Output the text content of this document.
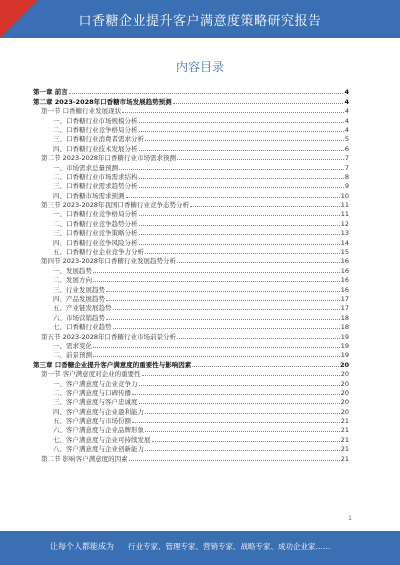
口香糖企业提升客户满意度策略研究报告
内容目录
第一章 前言	4
第二章 2023-2028年口香糖市场发展趋势预测	4
第一节 口香糖行业发展现状	4
一、口香糖行业市场规模分析	4
二、口香糖行业竞争格局分析	4
三、口香糖行业消费者需求分析	5
四、口香糖行业技术发展分析	6
第二节 2023-2028年口香糖行业市场需求预测	7
一、市场需求总量预测	7
二、口香糖行业市场需求结构	8
三、口香糖行业需求趋势分析	9
四、口香糖市场需求预测	10
第三节 2023-2028年我国口香糖行业竞争态势分析	11
一、口香糖行业竞争格局分析	11
二、口香糖行业竞争趋势分析	12
三、口香糖行业竞争策略分析	13
四、口香糖行业竞争风险分析	14
五、口香糖行业企业竞争力分析	15
第四节 2023-2028年口香糖行业发展趋势分析	16
一、发展趋势	16
二、发展方向	16
三、行业发展趋势	16
四、产品发展趋势	17
五、产业链发展趋势	17
六、市场营销趋势	18
七、口香糖行业趋势	18
第五节 2023-2028年口香糖行业市场前景分析	19
一、需求变化	19
二、前景预测	19
第三章 口香糖企业提升客户满意度的重要性与影响因素	20
第一节 客户满意度对企业的重要性	20
一、客户满意度与企业竞争力	20
二、客户满意度与口碑传播	20
三、客户满意度与客户忠诚度	20
四、客户满意度与企业盈利能力	20
五、客户满意度与市场份额	21
六、客户满意度与企业品牌形象	21
七、客户满意度与企业可持续发展	21
八、客户满意度与企业创新能力	21
第二节 影响客户满意度的因素	21
1
让每个人都能成为 行业专家、管理专家、营销专家、战略专家、成功企业家……
